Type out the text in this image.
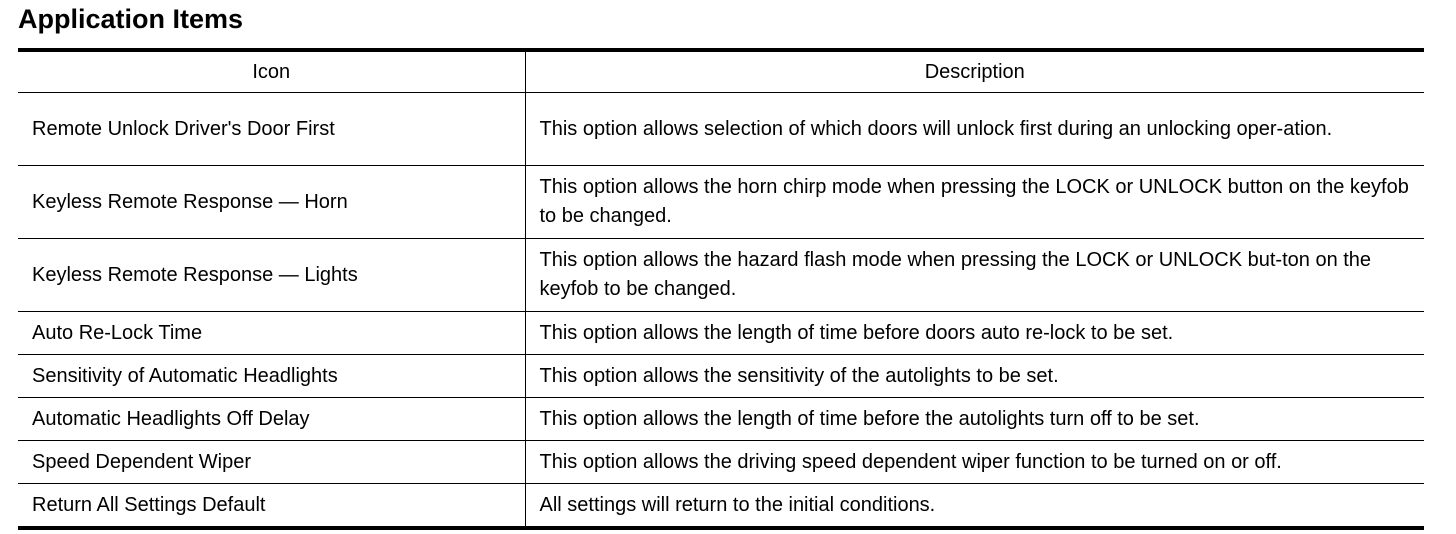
Application Items
Icon	Description
Remote Unlock Driver's Door First	This option allows selection of which doors will unlock first during an unlocking oper-ation.
Keyless Remote Response — Horn	This option allows the horn chirp mode when pressing the LOCK or UNLOCK button on the keyfob to be changed.
Keyless Remote Response — Lights	This option allows the hazard flash mode when pressing the LOCK or UNLOCK but-ton on the keyfob to be changed.
Auto Re-Lock Time	This option allows the length of time before doors auto re-lock to be set.
Sensitivity of Automatic Headlights	This option allows the sensitivity of the autolights to be set.
Automatic Headlights Off Delay	This option allows the length of time before the autolights turn off to be set.
Speed Dependent Wiper	This option allows the driving speed dependent wiper function to be turned on or off.
Return All Settings Default	All settings will return to the initial conditions.
